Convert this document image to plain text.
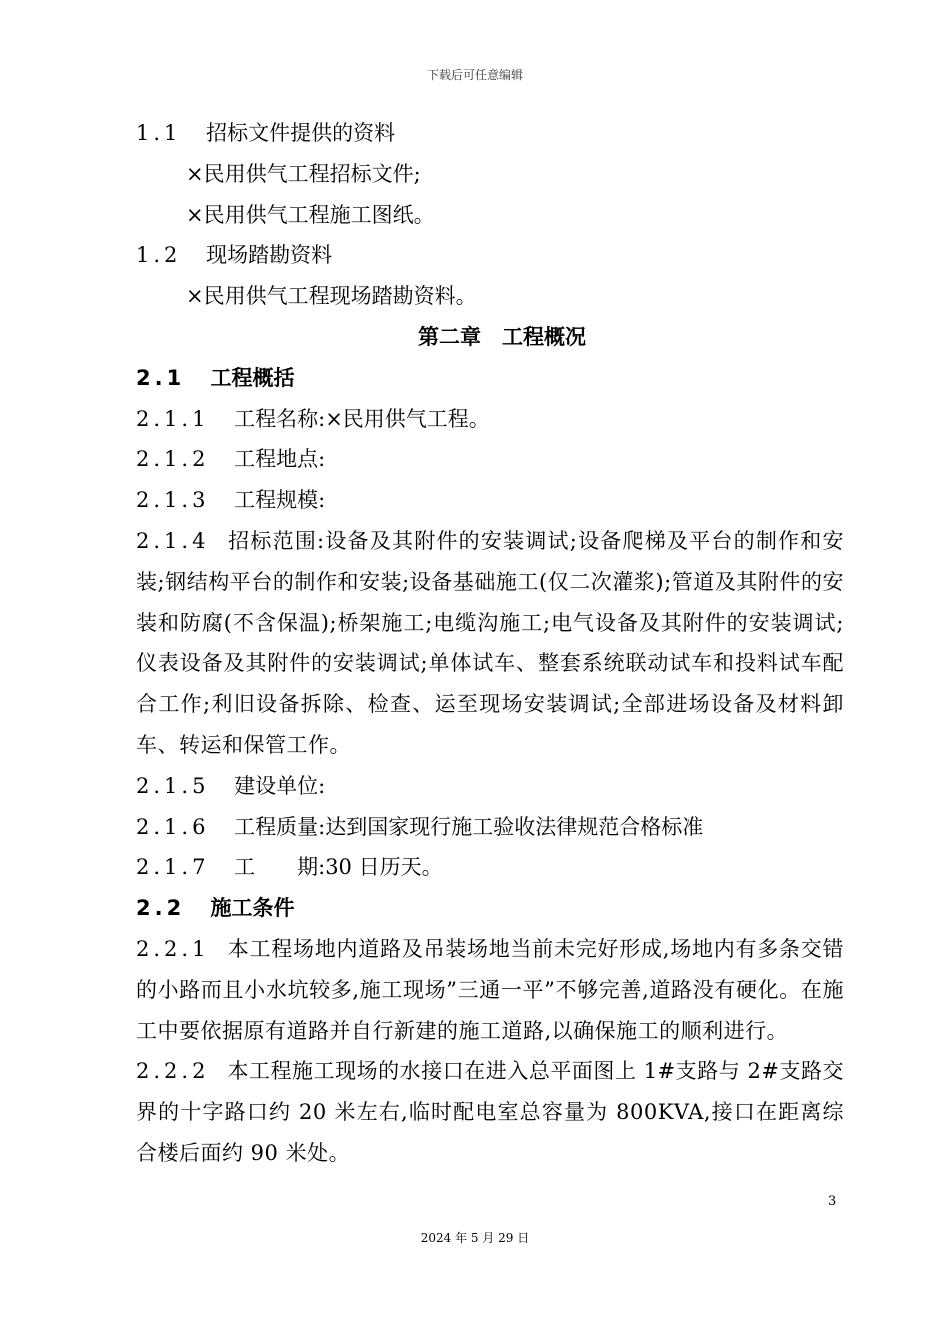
下载后可任意编辑
1.1 招标文件提供的资料
×民用供气工程招标文件;
×民用供气工程施工图纸。
1.2 现场踏勘资料
×民用供气工程现场踏勘资料。
第二章　工程概况
2.1 工程概括
2.1.1 工程名称:×民用供气工程。
2.1.2 工程地点:
2.1.3 工程规模:
2.1.4 招标范围:设备及其附件的安装调试;设备爬梯及平台的制作和安装;钢结构平台的制作和安装;设备基础施工(仅二次灌浆);管道及其附件的安装和防腐(不含保温);桥架施工;电缆沟施工;电气设备及其附件的安装调试;仪表设备及其附件的安装调试;单体试车、整套系统联动试车和投料试车配合工作;利旧设备拆除、检查、运至现场安装调试;全部进场设备及材料卸车、转运和保管工作。
2.1.5 建设单位:
2.1.6 工程质量:达到国家现行施工验收法律规范合格标准
2.1.7 工　　期:30 日历天。
2.2 施工条件
2.2.1 本工程场地内道路及吊装场地当前未完好形成,场地内有多条交错的小路而且小水坑较多,施工现场”三通一平”不够完善,道路没有硬化。在施工中要依据原有道路并自行新建的施工道路,以确保施工的顺利进行。
2.2.2 本工程施工现场的水接口在进入总平面图上 1#支路与 2#支路交界的十字路口约 20 米左右,临时配电室总容量为 800KVA,接口在距离综合楼后面约 90 米处。
3
2024 年 5 月 29 日
